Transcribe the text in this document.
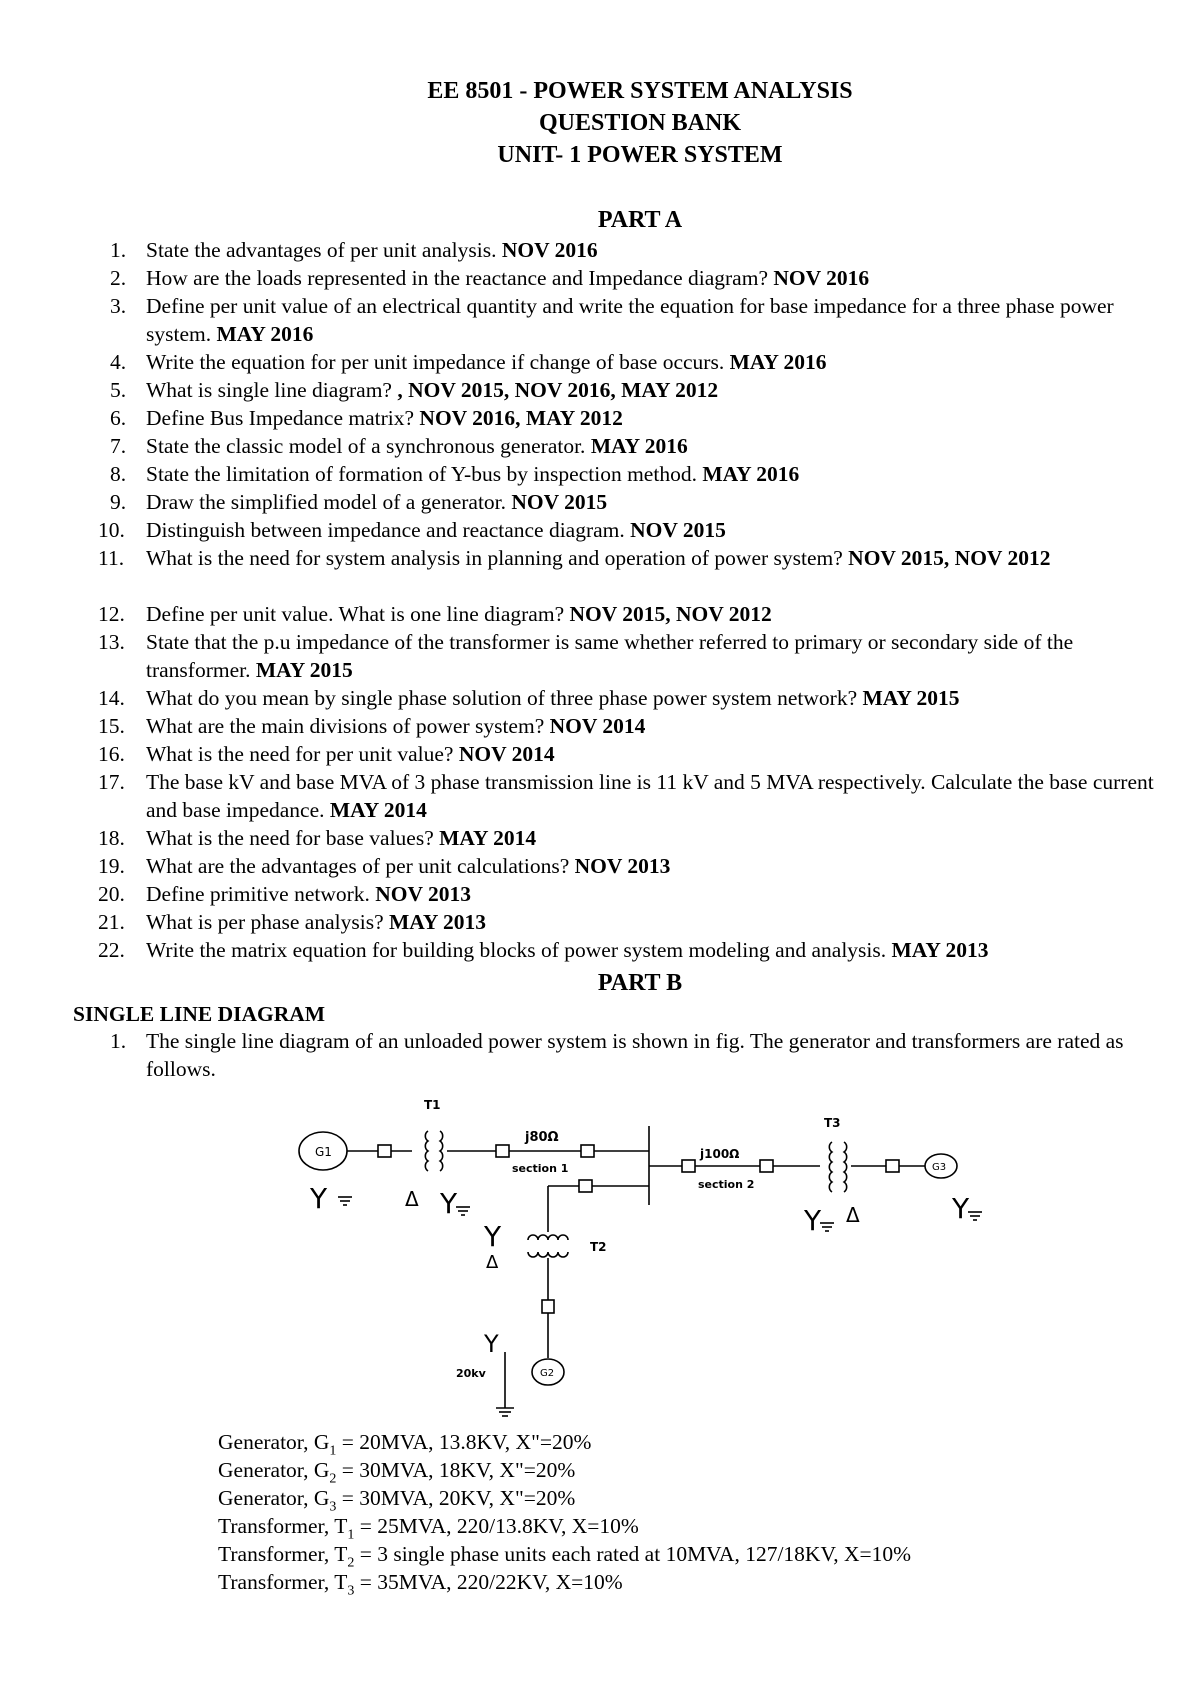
EE 8501 - POWER SYSTEM ANALYSIS
QUESTION BANK
UNIT- 1 POWER SYSTEM
PART A
1. State the advantages of per unit analysis. NOV 2016
2. How are the loads represented in the reactance and Impedance diagram? NOV 2016
3. Define per unit value of an electrical quantity and write the equation for base impedance for a three phase power system. MAY 2016
4. Write the equation for per unit impedance if change of base occurs. MAY 2016
5. What is single line diagram? , NOV 2015, NOV 2016, MAY 2012
6. Define Bus Impedance matrix? NOV 2016, MAY 2012
7. State the classic model of a synchronous generator. MAY 2016
8. State the limitation of formation of Y-bus by inspection method. MAY 2016
9. Draw the simplified model of a generator. NOV 2015
10. Distinguish between impedance and reactance diagram. NOV 2015
11. What is the need for system analysis in planning and operation of power system? NOV 2015, NOV 2012
12. Define per unit value. What is one line diagram? NOV 2015, NOV 2012
13. State that the p.u impedance of the transformer is same whether referred to primary or secondary side of the transformer. MAY 2015
14. What do you mean by single phase solution of three phase power system network? MAY 2015
15. What are the main divisions of power system? NOV 2014
16. What is the need for per unit value? NOV 2014
17. The base kV and base MVA of 3 phase transmission line is 11 kV and 5 MVA respectively. Calculate the base current and base impedance. MAY 2014
18. What is the need for base values? MAY 2014
19. What are the advantages of per unit calculations? NOV 2013
20. Define primitive network. NOV 2013
21. What is per phase analysis? MAY 2013
22. Write the matrix equation for building blocks of power system modeling and analysis. MAY 2013
PART B
SINGLE LINE DIAGRAM
1. The single line diagram of an unloaded power system is shown in fig. The generator and transformers are rated as follows.
T1
T3
T2
G1
G3
G2
j80Ω
section 1
j100Ω
section 2
20kv
Y	Δ Y
Y
Δ
Y Δ	Y
Y
Generator, $G_1 = 20MVA$, 13.8KV, X"=20%
Generator, $G_2 = 30MVA$, 18KV, X"=20%
Generator, $G_3 = 30MVA$, 20KV, X"=20%
Transformer, $T_1 = 25MVA$, 220/13.8KV, X=10%
Transformer, $T_2 = 3$ single phase units each rated at 10MVA, 127/18KV, X=10%
Transformer, $T_3 = 35MVA$, 220/22KV, X=10%
